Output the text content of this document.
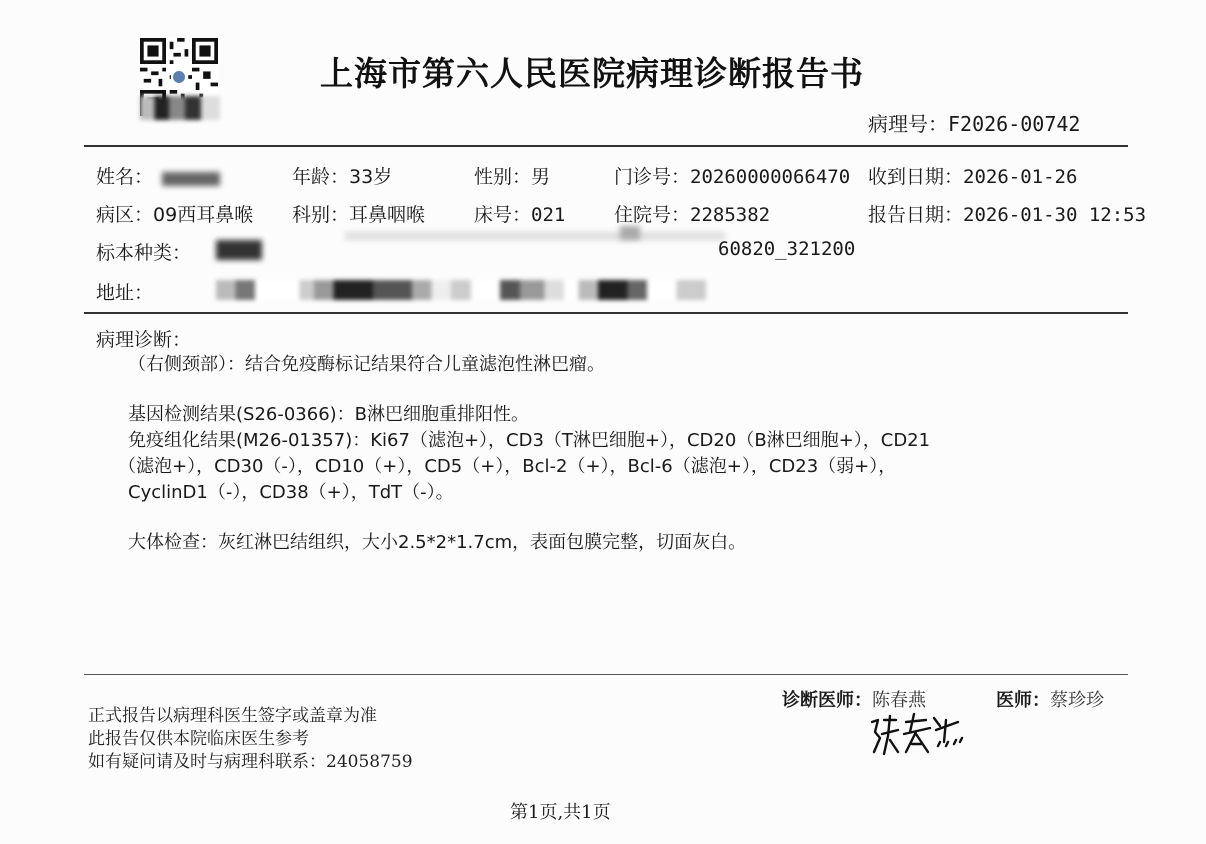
上海市第六人民医院病理诊断报告书
病理号：F2026-00742
姓名：	年龄：33岁	性别：男	门诊号：20260000066470 收到日期：2026-01-26
病区：09西耳鼻喉 科别：耳鼻咽喉	床号：021	住院号：2285382	报告日期：2026-01-30 12:53
标本种类：	60820_321200
地址：
病理诊断：
（右侧颈部）：结合免疫酶标记结果符合儿童滤泡性淋巴瘤。
基因检测结果(S26-0366)：B淋巴细胞重排阳性。
免疫组化结果(M26-01357)：Ki67（滤泡+），CD3（T淋巴细胞+），CD20（B淋巴细胞+），CD21
（滤泡+），CD30（-），CD10（+），CD5（+），Bcl-2（+），Bcl-6（滤泡+），CD23（弱+），
CyclinD1（-），CD38（+），TdT（-）。
大体检查：灰红淋巴结组织，大小2.5*2*1.7cm，表面包膜完整，切面灰白。
正式报告以病理科医生签字或盖章为准
此报告仅供本院临床医生参考
如有疑问请及时与病理科联系：24058759
诊断医师：陈春燕	医师：蔡珍珍
第1页,共1页
